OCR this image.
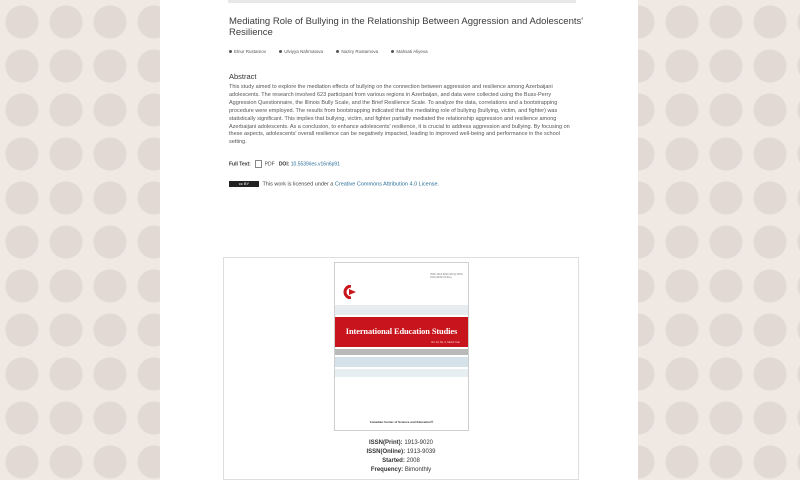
Mediating Role of Bullying in the Relationship Between Aggression and Adolescents' Resilience
Elnur Rustamov	Ulviyya Nahmatova	Naziry Rustamova	Mahsati Aliyeva
Abstract

This study aimed to explore the mediation effects of bullying on the connection between aggression and resilience among Azerbaijani adolescents. The research involved 623 participant from various regions in Azerbaijan, and data were collected using the Buss-Perry Aggression Questionnaire, the Illinois Bully Scale, and the Brief Resilience Scale. To analyze the data, correlations and a bootstrapping procedure were employed. The results from bootstrapping indicated that the mediating role of bullying (bullying, victim, and fighter) was statistically significant. This implies that bullying, victim, and fighter partially mediated the relationship aggression and resilience among Azerbaijani adolescents. As a conclusion, to enhance adolescents' resilience, it is crucial to address aggression and bullying. By focusing on these aspects, adolescents' overall resilience can be negatively impacted, leading to improved well-being and performance in the school setting.

Full Text:	PDF DOI: 10.5539/ies.v16n6p91
cc BY This work is licensed under a Creative Commons Attribution 4.0 License.
ISSN 1913-9020 (Print) ISSN 1913-9039 (Online)
International Education Studies
Vol. 16, No. 6, Month Year
Canadian Center of Science and Education®
ISSN(Print): 1913-9020
ISSN(Online): 1913-9039
Started: 2008
Frequency: Bimonthly
